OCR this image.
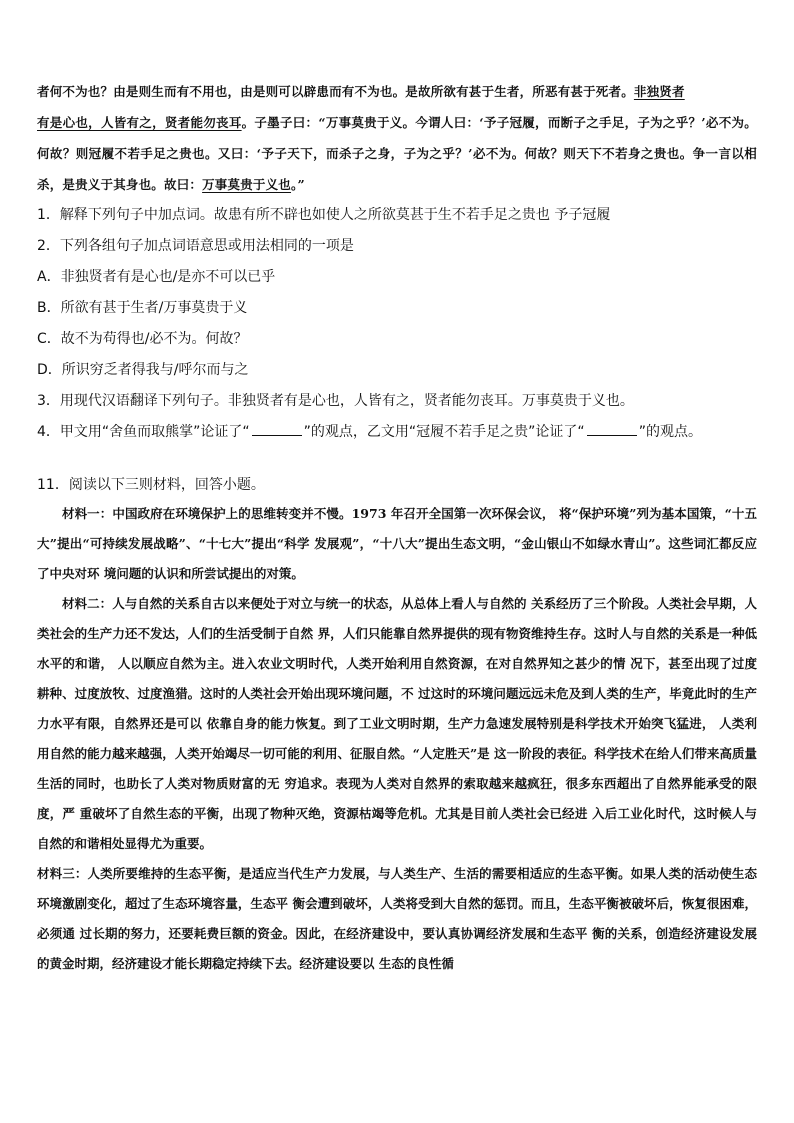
者何不为也？由是则生而有不用也，由是则可以辟患而有不为也。是故所欲有甚于生者，所恶有甚于死者。非独贤者
有是心也，人皆有之，贤者能勿丧耳。子墨子曰：“万事莫贵于义。今谓人曰：‘予子冠履，而断子之手足，子为之乎？’必不为。何故？则冠履不若手足之贵也。又曰：‘予子天下，而杀子之身，子为之乎？’必不为。何故？则天下不若身之贵也。争一言以相杀，是贵义于其身也。故曰：万事莫贵于义也。”

1．解释下列句子中加点词。故患有所不辟也如使人之所欲莫甚于生不若手足之贵也 予子冠履

2．下列各组句子加点词语意思或用法相同的一项是

A．非独贤者有是心也/是亦不可以已乎

B．所欲有甚于生者/万事莫贵于义

C．故不为苟得也/必不为。何故？

D．所识穷乏者得我与/呼尔而与之

3．用现代汉语翻译下列句子。非独贤者有是心也，人皆有之，贤者能勿丧耳。万事莫贵于义也。

4．甲文用“舍鱼而取熊掌”论证了“	”的观点，乙文用“冠履不若手足之贵”论证了“	”的观点。

11．阅读以下三则材料，回答小题。

材料一：中国政府在环境保护上的思维转变并不慢。1973 年召开全国第一次环保会议， 将“保护环境”列为基本国策，“十五大”提出“可持续发展战略”、“十七大”提出“科学 发展观”，“十八大”提出生态文明，“金山银山不如绿水青山”。这些词汇都反应了中央对环 境问题的认识和所尝试提出的对策。

材料二：人与自然的关系自古以来便处于对立与统一的状态，从总体上看人与自然的 关系经历了三个阶段。人类社会早期，人类社会的生产力还不发达，人们的生活受制于自然 界，人们只能靠自然界提供的现有物资维持生存。这时人与自然的关系是一种低水平的和谐， 人以顺应自然为主。进入农业文明时代，人类开始利用自然资源，在对自然界知之甚少的情 况下，甚至出现了过度耕种、过度放牧、过度渔猎。这时的人类社会开始出现环境问题，不 过这时的环境问题远远未危及到人类的生产，毕竟此时的生产力水平有限，自然界还是可以 依靠自身的能力恢复。到了工业文明时期，生产力急速发展特别是科学技术开始突飞猛进， 人类利用自然的能力越来越强，人类开始竭尽一切可能的利用、征服自然。“人定胜天”是 这一阶段的表征。科学技术在给人们带来高质量生活的同时，也助长了人类对物质财富的无 穷追求。表现为人类对自然界的索取越来越疯狂，很多东西超出了自然界能承受的限度，严 重破坏了自然生态的平衡，出现了物种灭绝，资源枯竭等危机。尤其是目前人类社会已经进 入后工业化时代，这时候人与自然的和谐相处显得尤为重要。

材料三：人类所要维持的生态平衡，是适应当代生产力发展，与人类生产、生活的需要相适应的生态平衡。如果人类的活动使生态环境激剧变化，超过了生态环境容量，生态平 衡会遭到破坏，人类将受到大自然的惩罚。而且，生态平衡被破坏后，恢复很困难，必须通 过长期的努力，还要耗费巨额的资金。因此，在经济建设中，要认真协调经济发展和生态平 衡的关系，创造经济建设发展的黄金时期，经济建设才能长期稳定持续下去。经济建设要以 生态的良性循
